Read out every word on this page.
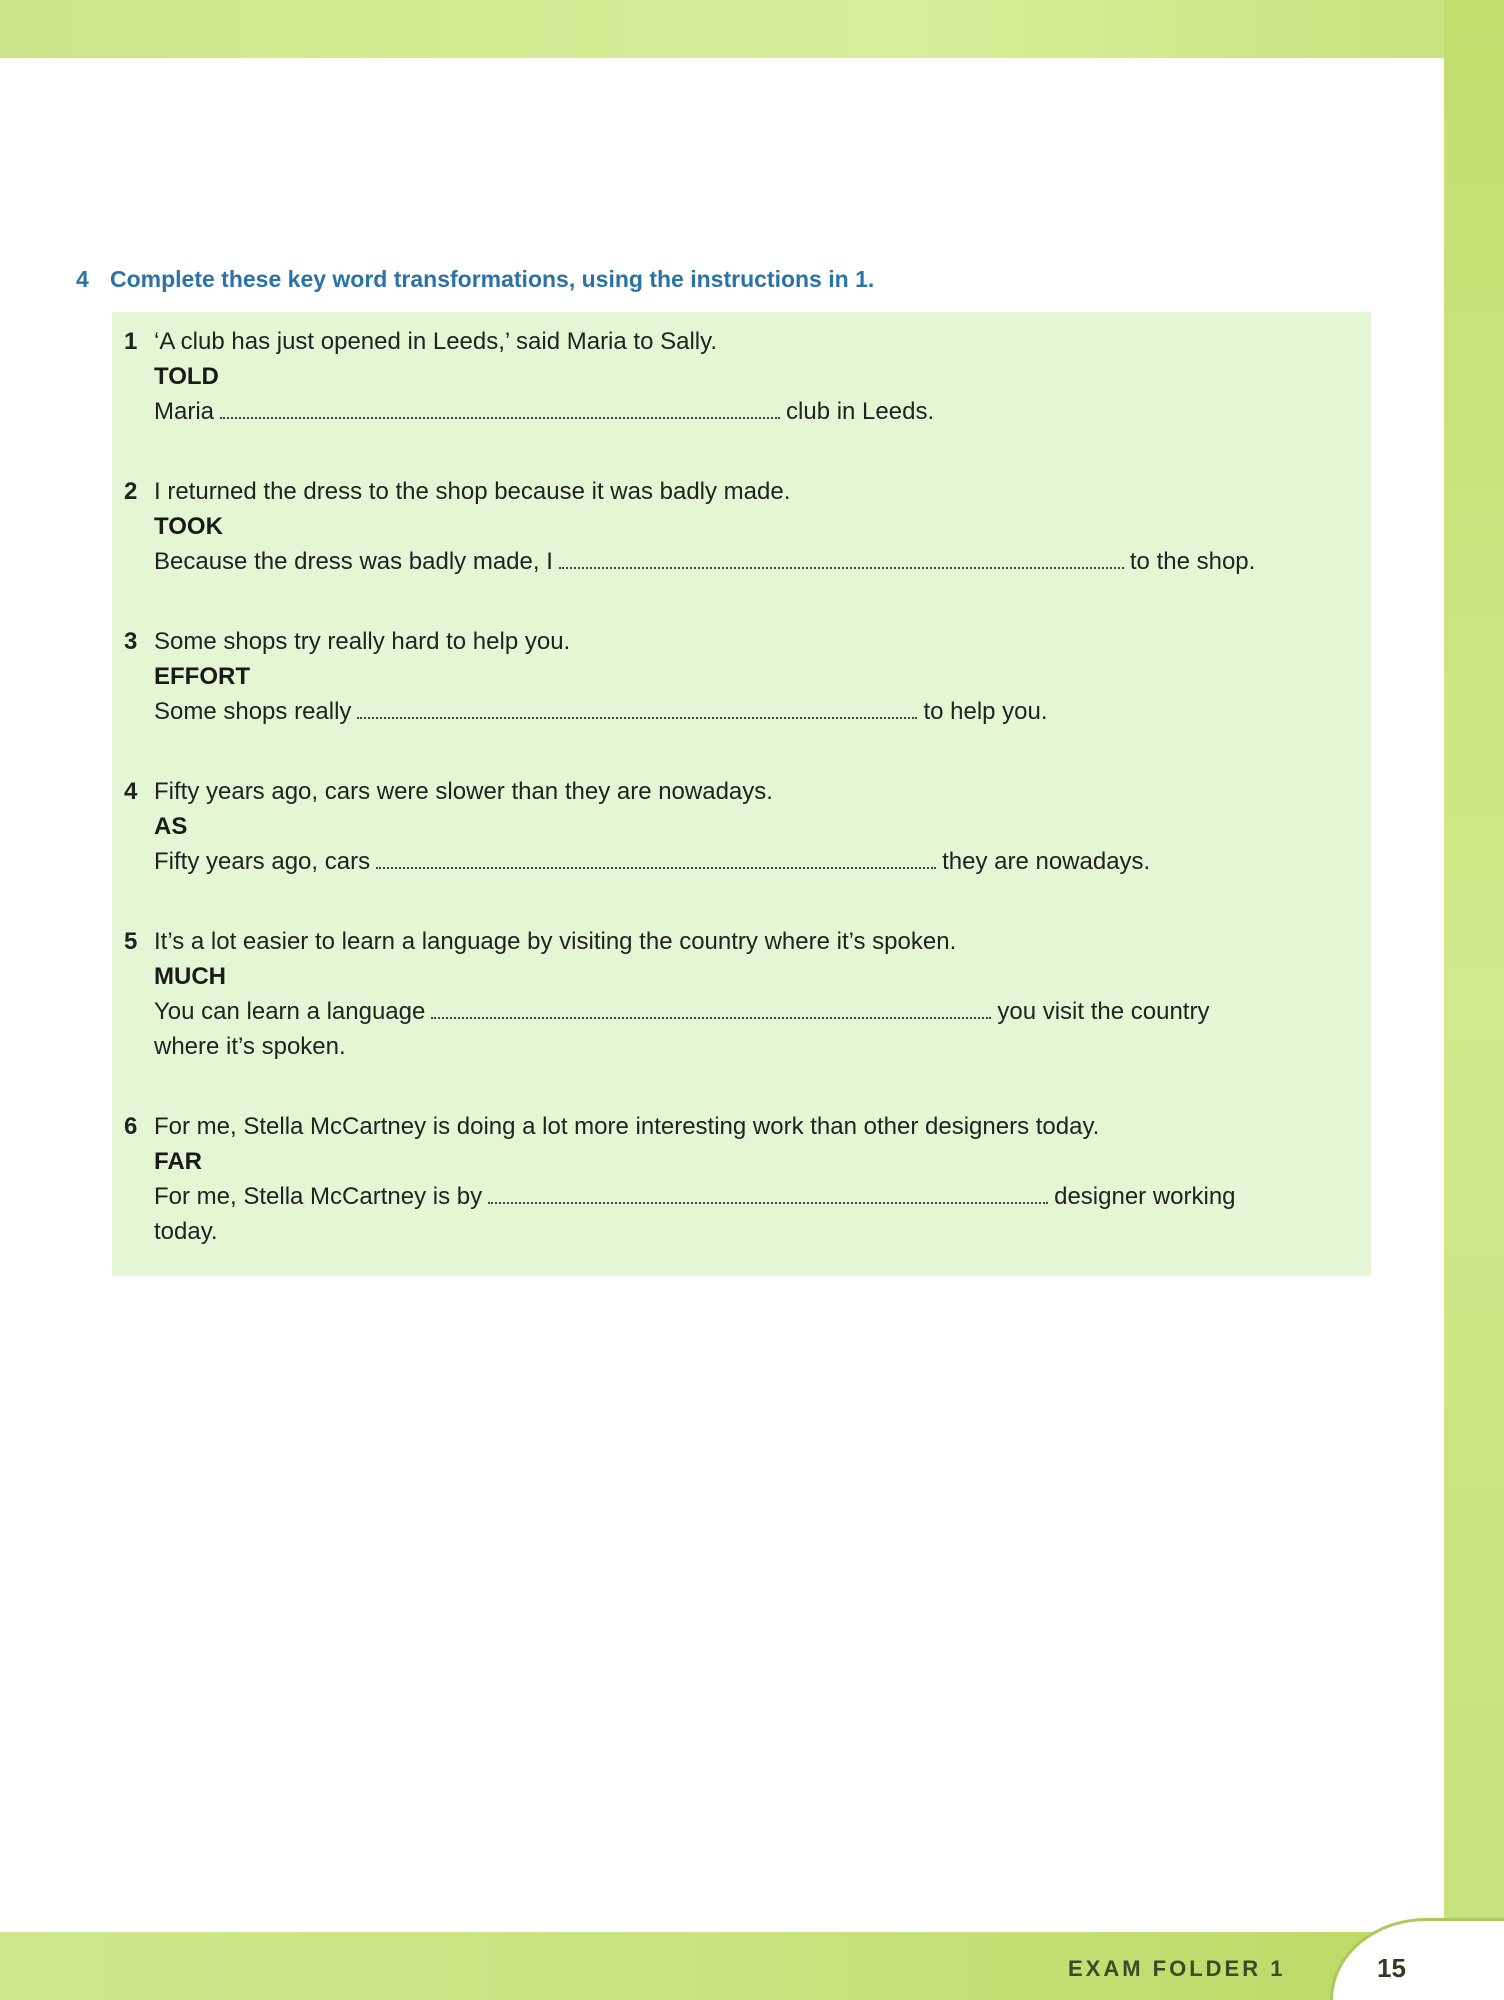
4 Complete these key word transformations, using the instructions in 1.
1 ‘A club has just opened in Leeds,’ said Maria to Sally.
TOLD
Maria	club in Leeds.
2 I returned the dress to the shop because it was badly made.
TOOK
Because the dress was badly made, I	to the shop.
3 Some shops try really hard to help you.
EFFORT
Some shops really	to help you.
4 Fifty years ago, cars were slower than they are nowadays.
AS
Fifty years ago, cars	they are nowadays.
5 It’s a lot easier to learn a language by visiting the country where it’s spoken.
MUCH
You can learn a language	you visit the country
where it’s spoken.
6 For me, Stella McCartney is doing a lot more interesting work than other designers today.
FAR
For me, Stella McCartney is by	designer working
today.
EXAM FOLDER 1	15
